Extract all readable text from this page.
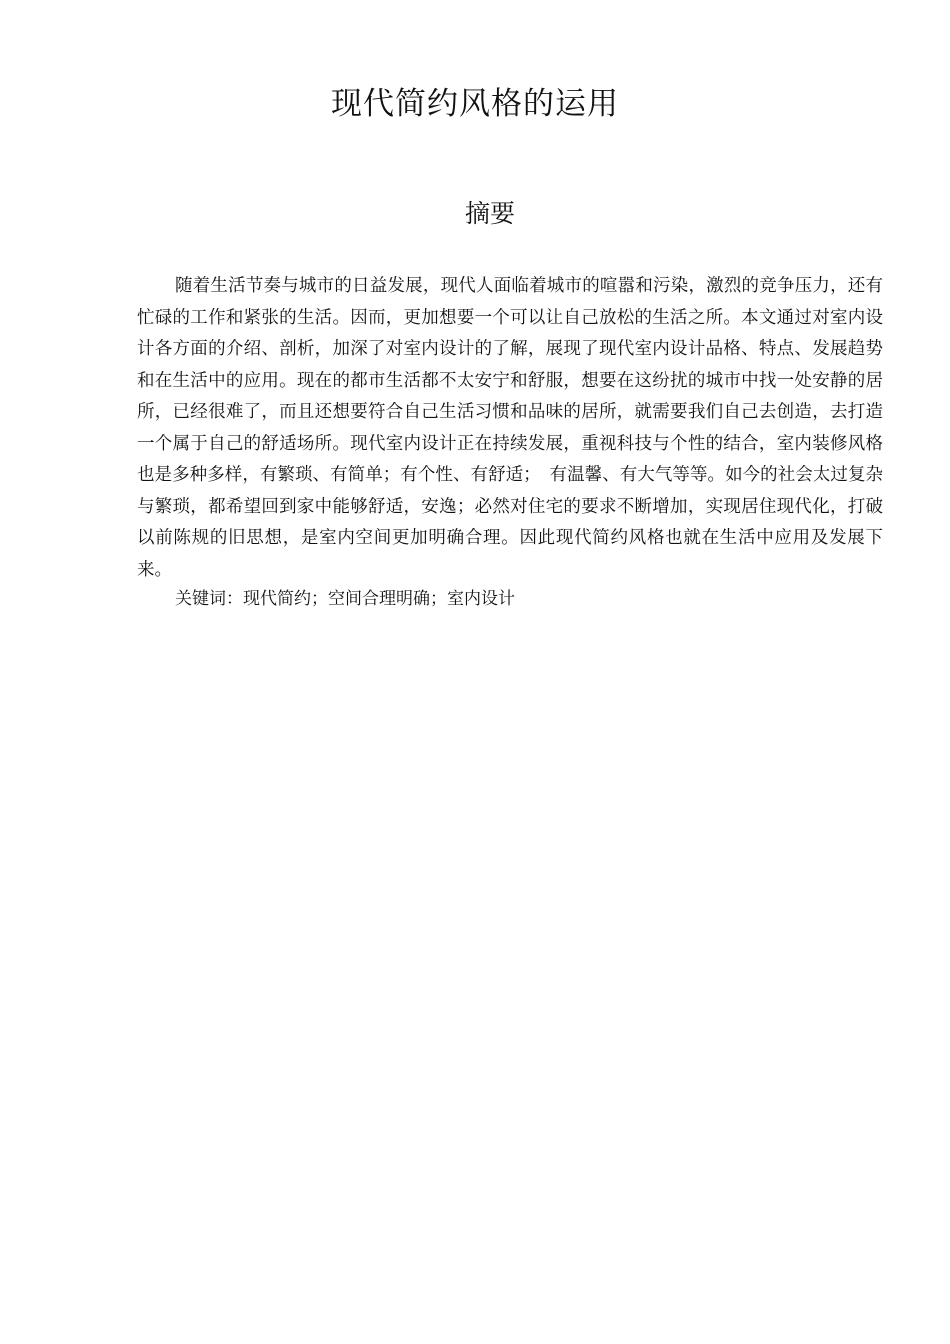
现代简约风格的运用
摘要

随着生活节奏与城市的日益发展，现代人面临着城市的喧嚣和污染，激烈的竞争压力，还有忙碌的工作和紧张的生活。因而，更加想要一个可以让自己放松的生活之所。本文通过对室内设计各方面的介绍、剖析，加深了对室内设计的了解，展现了现代室内设计品格、特点、发展趋势和在生活中的应用。现在的都市生活都不太安宁和舒服，想要在这纷扰的城市中找一处安静的居所，已经很难了，而且还想要符合自己生活习惯和品味的居所，就需要我们自己去创造，去打造一个属于自己的舒适场所。现代室内设计正在持续发展，重视科技与个性的结合，室内装修风格也是多种多样，有繁琐、有简单；有个性、有舒适；　有温馨、有大气等等。如今的社会太过复杂与繁琐，都希望回到家中能够舒适，安逸；必然对住宅的要求不断增加，实现居住现代化，打破以前陈规的旧思想，是室内空间更加明确合理。因此现代简约风格也就在生活中应用及发展下来。

关键词：现代简约；空间合理明确；室内设计
